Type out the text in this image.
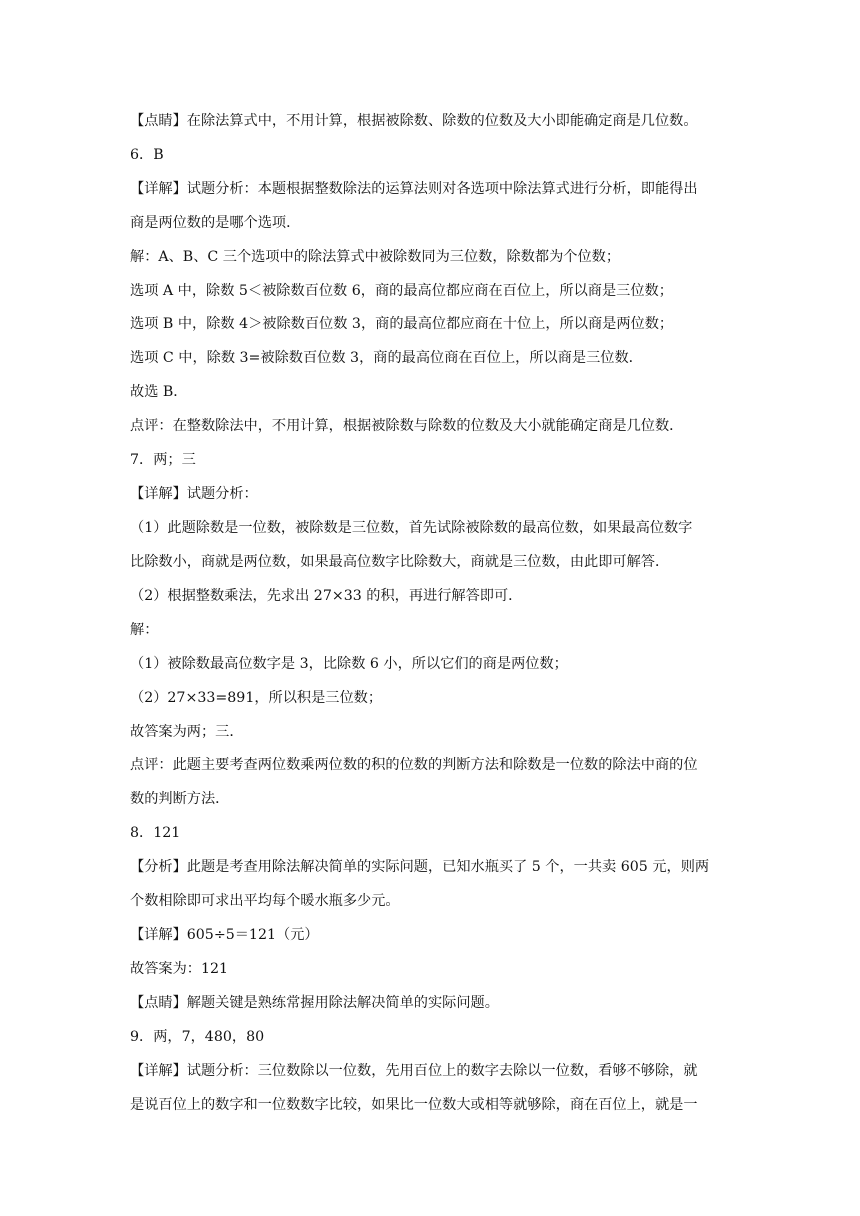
【点睛】在除法算式中，不用计算，根据被除数、除数的位数及大小即能确定商是几位数。
6．B
【详解】试题分析：本题根据整数除法的运算法则对各选项中除法算式进行分析，即能得出
商是两位数的是哪个选项．
解：A、B、C 三个选项中的除法算式中被除数同为三位数，除数都为个位数；
选项 A 中，除数 5＜被除数百位数 6，商的最高位都应商在百位上，所以商是三位数；
选项 B 中，除数 4＞被除数百位数 3，商的最高位都应商在十位上，所以商是两位数；
选项 C 中，除数 3=被除数百位数 3，商的最高位商在百位上，所以商是三位数．
故选 B．
点评：在整数除法中，不用计算，根据被除数与除数的位数及大小就能确定商是几位数．
7．两；三
【详解】试题分析：
（1）此题除数是一位数，被除数是三位数，首先试除被除数的最高位数，如果最高位数字
比除数小，商就是两位数，如果最高位数字比除数大，商就是三位数，由此即可解答．
（2）根据整数乘法，先求出 27×33 的积，再进行解答即可．
解：
（1）被除数最高位数字是 3，比除数 6 小，所以它们的商是两位数；
（2）27×33=891，所以积是三位数；
故答案为两；三．
点评：此题主要考查两位数乘两位数的积的位数的判断方法和除数是一位数的除法中商的位
数的判断方法．
8．121
【分析】此题是考查用除法解决简单的实际问题，已知水瓶买了 5 个，一共卖 605 元，则两
个数相除即可求出平均每个暖水瓶多少元。
【详解】605÷5＝121（元）
故答案为：121
【点睛】解题关键是熟练常握用除法解决简单的实际问题。
9．两，7，480，80
【详解】试题分析：三位数除以一位数，先用百位上的数字去除以一位数，看够不够除，就
是说百位上的数字和一位数数字比较，如果比一位数大或相等就够除，商在百位上，就是一
